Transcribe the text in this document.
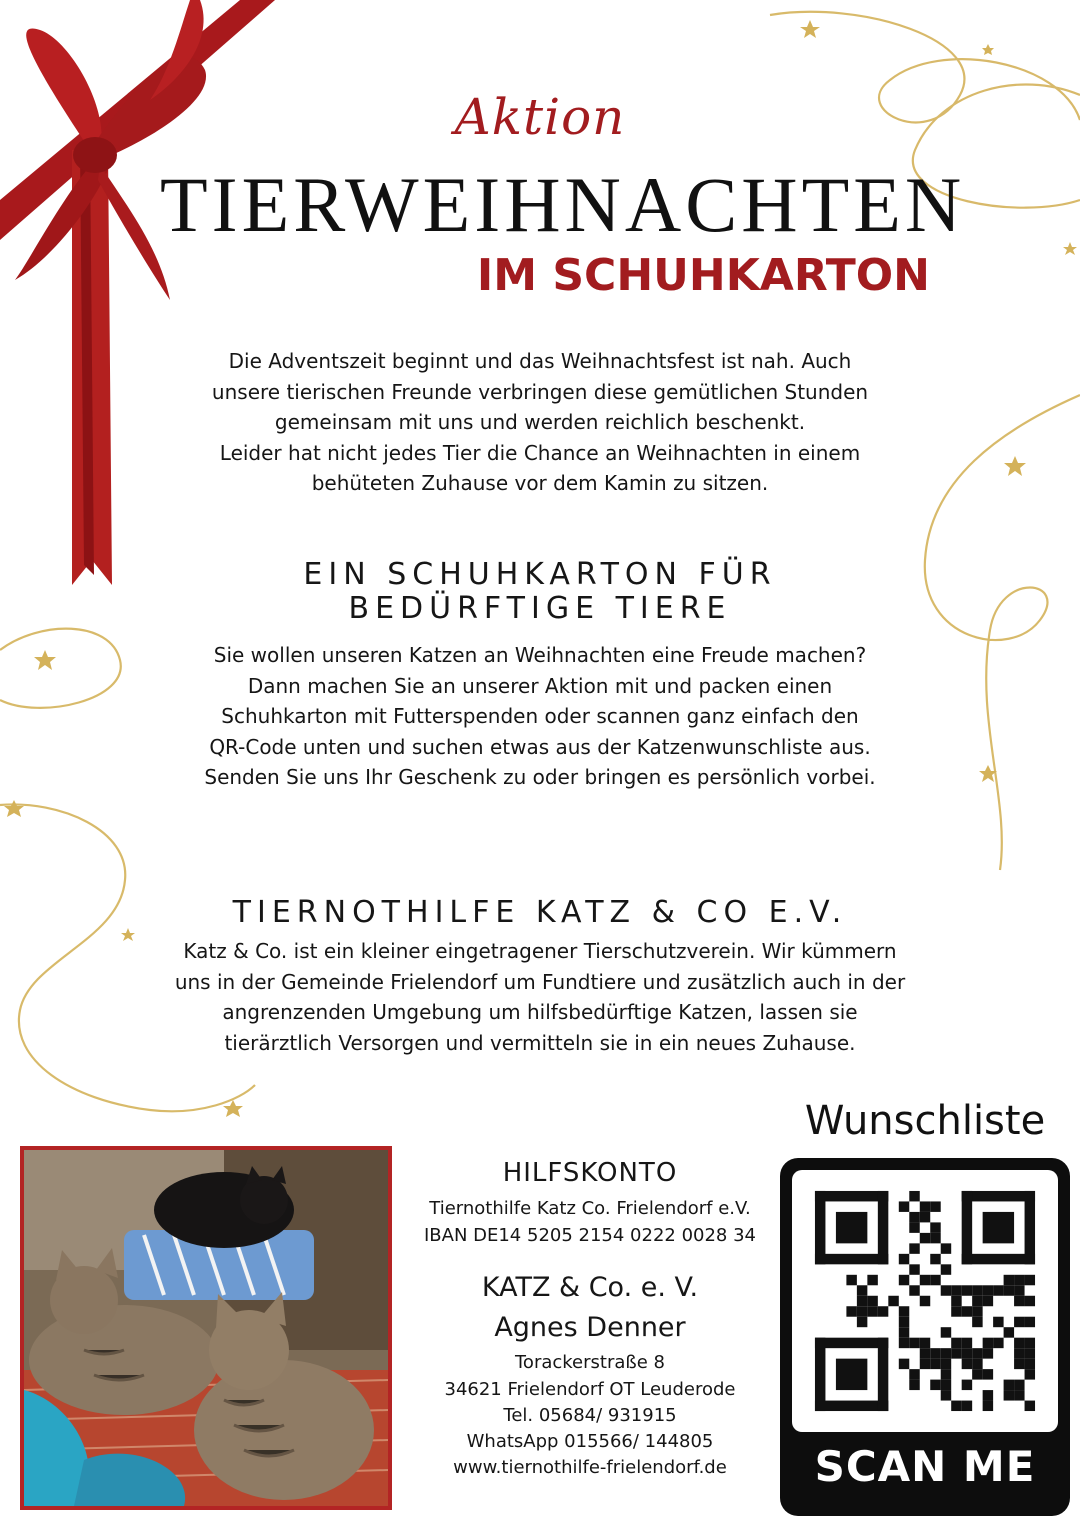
Aktion
TIERWEIHNACHTEN
IM SCHUHKARTON

Die Adventszeit beginnt und das Weihnachtsfest ist nah. Auch

unsere tierischen Freunde verbringen diese gemütlichen Stunden

gemeinsam mit uns und werden reichlich beschenkt.

Leider hat nicht jedes Tier die Chance an Weihnachten in einem

behüteten Zuhause vor dem Kamin zu sitzen.

EIN SCHUHKARTON FÜR
BEDÜRFTIGE TIERE

Sie wollen unseren Katzen an Weihnachten eine Freude machen?

Dann machen Sie an unserer Aktion mit und packen einen

Schuhkarton mit Futterspenden oder scannen ganz einfach den

QR-Code unten und suchen etwas aus der Katzenwunschliste aus.

Senden Sie uns Ihr Geschenk zu oder bringen es persönlich vorbei.

TIERNOTHILFE KATZ & CO E.V.

Katz & Co. ist ein kleiner eingetragener Tierschutzverein. Wir kümmern

uns in der Gemeinde Frielendorf um Fundtiere und zusätzlich auch in der

angrenzenden Umgebung um hilfsbedürftige Katzen, lassen sie

tierärztlich Versorgen und vermitteln sie in ein neues Zuhause.

HILFSKONTO
Tiernothilfe Katz Co. Frielendorf e.V.
IBAN DE14 5205 2154 0222 0028 34
KATZ & Co. e. V.
Agnes Denner
Torackerstraße 8
34621 Frielendorf OT Leuderode
Tel. 05684/ 931915
WhatsApp 015566/ 144805
www.tiernothilfe-frielendorf.de
Wunschliste
SCAN ME
